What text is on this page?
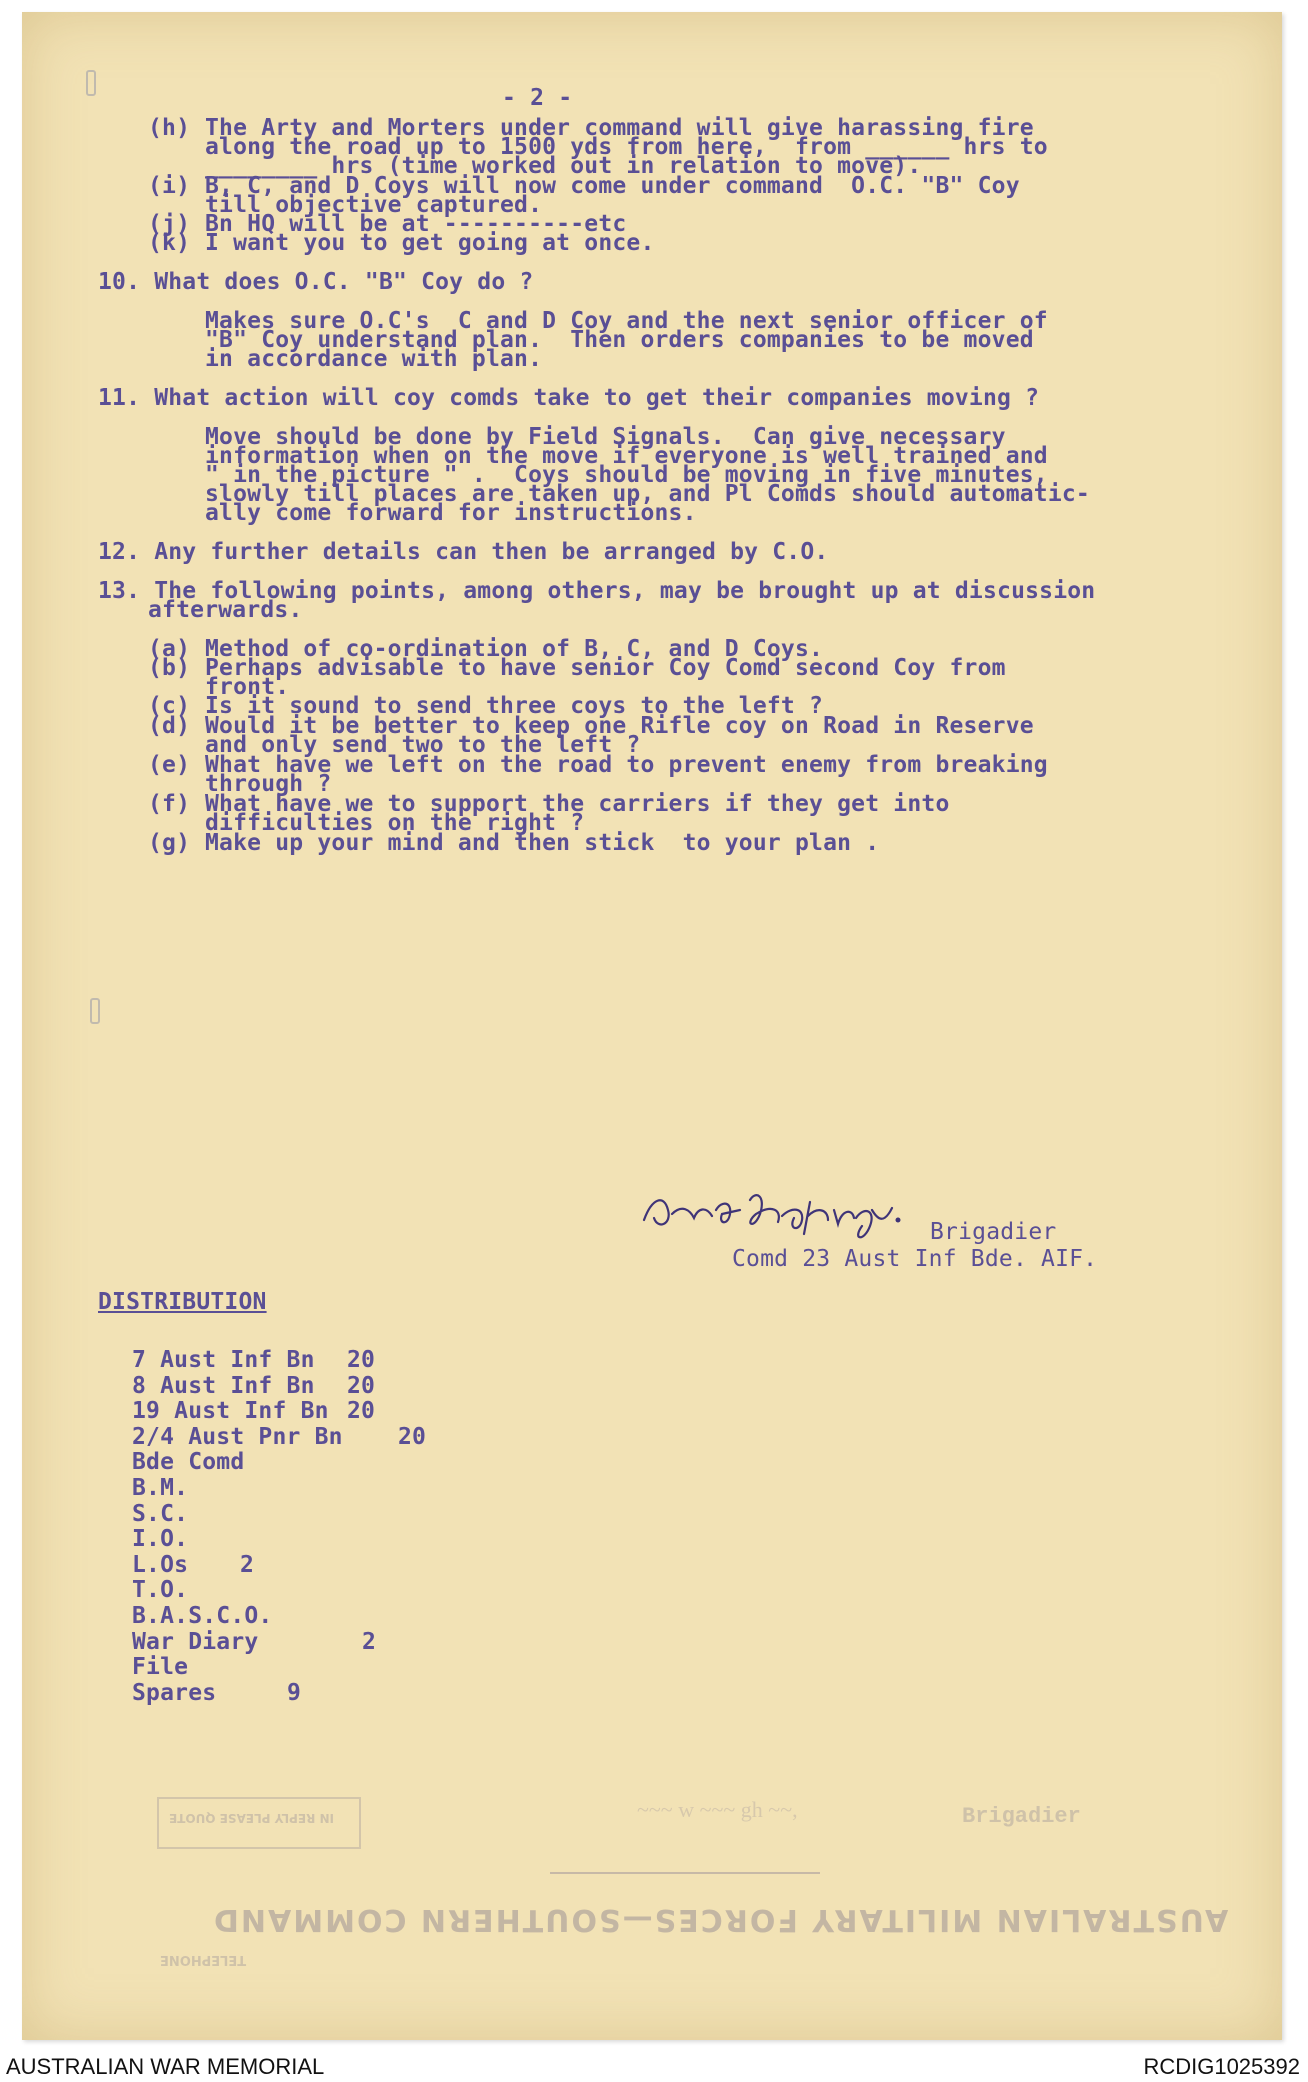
- 2 -
(h) The Arty and Morters under command will give harassing fire
along the road up to 1500 yds from here,  from ______ hrs to
________ hrs (time worked out in relation to move).
(i) B, C, and D Coys will now come under command  O.C. "B" Coy
till objective captured.
(j) Bn HQ will be at ----------etc
(k) I want you to get going at once.
10. What does O.C. "B" Coy do ?
Makes sure O.C's  C and D Coy and the next senior officer of
"B" Coy understand plan.  Then orders companies to be moved
in accordance with plan.
11. What action will coy comds take to get their companies moving ?
Move should be done by Field Signals.  Can give necessary
information when on the move if everyone is well trained and
" in the picture " .  Coys should be moving in five minutes,
slowly till places are taken up, and Pl Comds should automatic-
ally come forward for instructions.
12. Any further details can then be arranged by C.O.
13. The following points, among others, may be brought up at discussion
afterwards.
(a) Method of co-ordination of B, C, and D Coys.
(b) Perhaps advisable to have senior Coy Comd second Coy from
front.
(c) Is it sound to send three coys to the left ?
(d) Would it be better to keep one Rifle coy on Road in Reserve
and only send two to the left ?
(e) What have we left on the road to prevent enemy from breaking
through ?
(f) What have we to support the carriers if they get into
difficulties on the right ?
(g) Make up your mind and then stick  to your plan .
Brigadier
Comd 23 Aust Inf Bde. AIF.
DISTRIBUTION
7 Aust Inf Bn 20
8 Aust Inf Bn 20
19 Aust Inf Bn 20
2/4 Aust Pnr Bn 20
Bde Comd
B.M.
S.C.
I.O.
L.Os 2
T.O.
B.A.S.C.O.
War Diary	2
File
Spares	9
IN REPLY PLEASE QUOTE	~~~ w ~~~ gh ~~,	Brigadier
AUSTRALIAN MILITARY FORCES—SOUTHERN COMMAND
TELEPHONE
AUSTRALIAN WAR MEMORIAL	RCDIG1025392
